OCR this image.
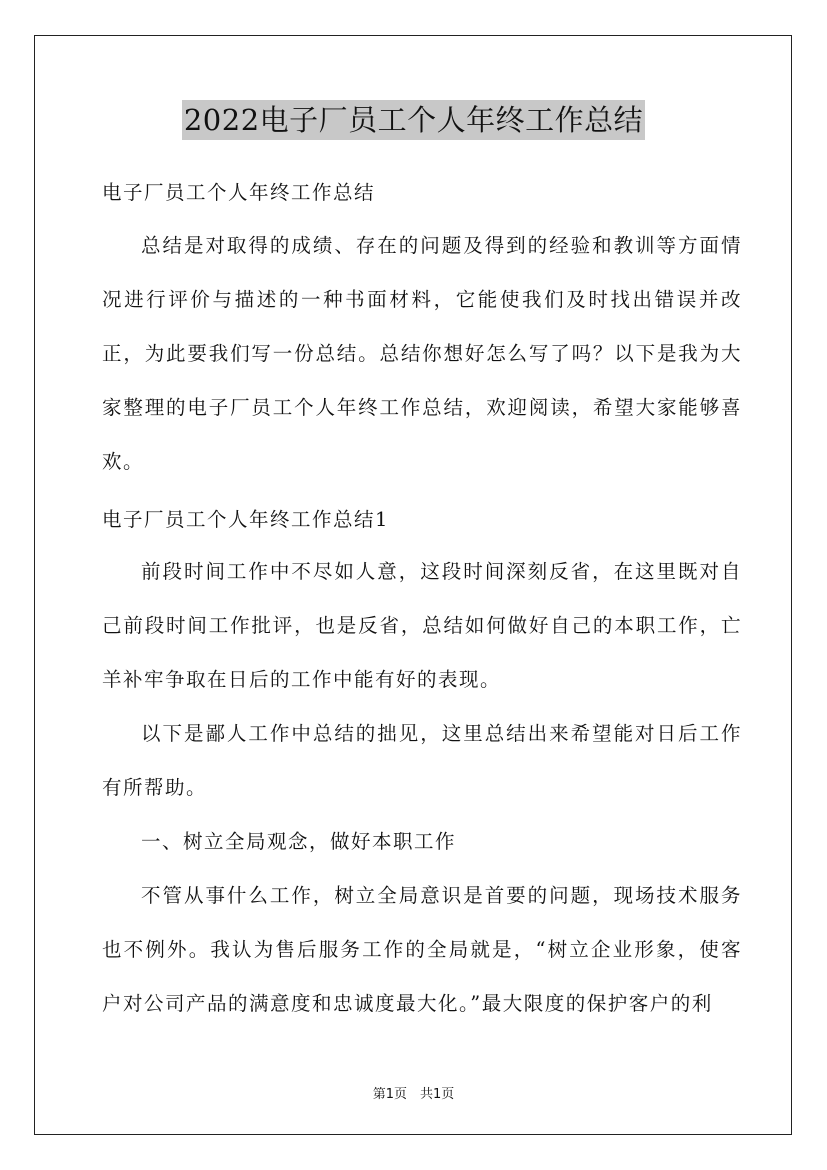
2022电子厂员工个人年终工作总结
电子厂员工个人年终工作总结

总结是对取得的成绩、存在的问题及得到的经验和教训等方面情况进行评价与描述的一种书面材料，它能使我们及时找出错误并改正，为此要我们写一份总结。总结你想好怎么写了吗？以下是我为大家整理的电子厂员工个人年终工作总结，欢迎阅读，希望大家能够喜欢。

电子厂员工个人年终工作总结1

前段时间工作中不尽如人意，这段时间深刻反省，在这里既对自己前段时间工作批评，也是反省，总结如何做好自己的本职工作，亡羊补牢争取在日后的工作中能有好的表现。

以下是鄙人工作中总结的拙见，这里总结出来希望能对日后工作有所帮助。

一、树立全局观念，做好本职工作

不管从事什么工作，树立全局意识是首要的问题，现场技术服务也不例外。我认为售后服务工作的全局就是，“树立企业形象，使客户对公司产品的满意度和忠诚度最大化。”最大限度的保护客户的利

第1页　共1页
